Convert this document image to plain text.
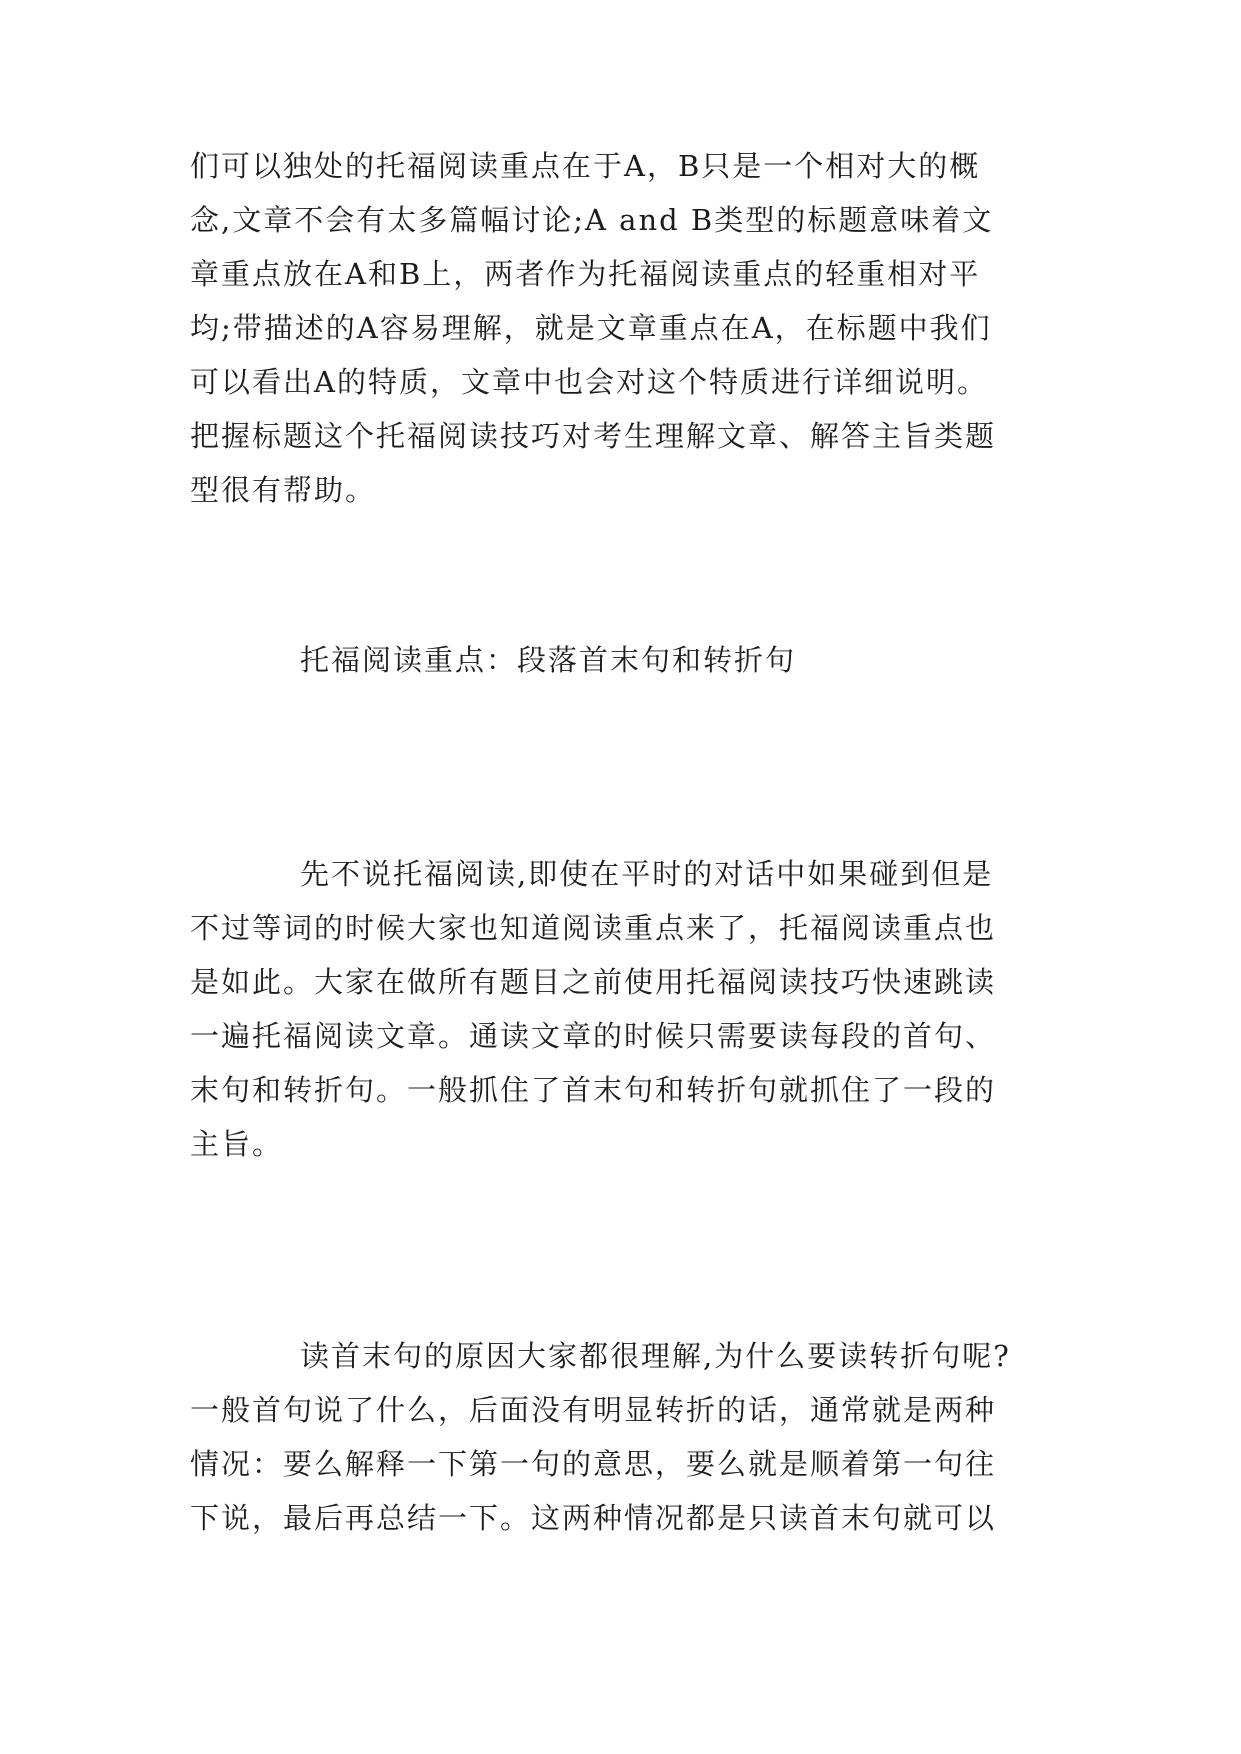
们可以独处的托福阅读重点在于A，B只是一个相对大的概
念,文章不会有太多篇幅讨论;A and B类型的标题意味着文
章重点放在A和B上，两者作为托福阅读重点的轻重相对平
均;带描述的A容易理解，就是文章重点在A，在标题中我们
可以看出A的特质，文章中也会对这个特质进行详细说明。
把握标题这个托福阅读技巧对考生理解文章、解答主旨类题
型很有帮助。
托福阅读重点：段落首末句和转折句
先不说托福阅读,即使在平时的对话中如果碰到但是
不过等词的时候大家也知道阅读重点来了，托福阅读重点也
是如此。大家在做所有题目之前使用托福阅读技巧快速跳读
一遍托福阅读文章。通读文章的时候只需要读每段的首句、
末句和转折句。一般抓住了首末句和转折句就抓住了一段的
主旨。
读首末句的原因大家都很理解,为什么要读转折句呢?
一般首句说了什么，后面没有明显转折的话，通常就是两种
情况：要么解释一下第一句的意思，要么就是顺着第一句往
下说，最后再总结一下。这两种情况都是只读首末句就可以
